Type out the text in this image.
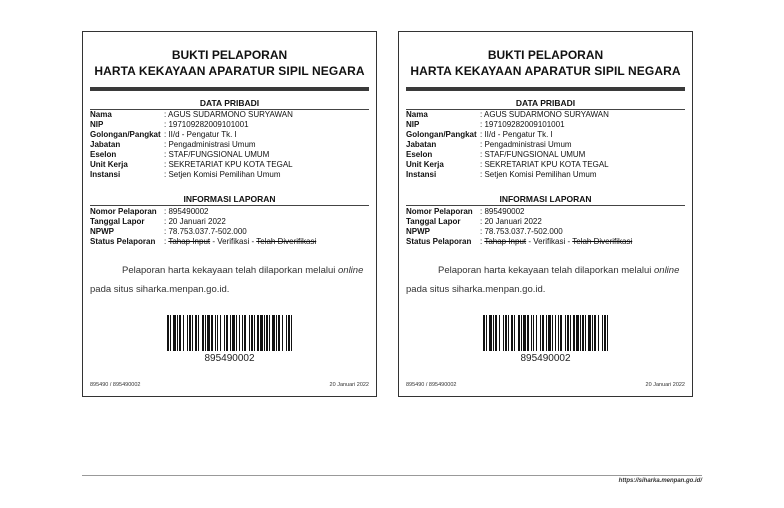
BUKTI PELAPORAN
HARTA KEKAYAAN APARATUR SIPIL NEGARA
DATA PRIBADI
Nama	: AGUS SUDARMONO SURYAWAN
NIP	: 197109282009101001
Golongan/Pangkat : II/d - Pengatur Tk. I
Jabatan	: Pengadministrasi Umum
Eselon	: STAF/FUNGSIONAL UMUM
Unit Kerja	: SEKRETARIAT KPU KOTA TEGAL
Instansi	: Setjen Komisi Pemilihan Umum
INFORMASI LAPORAN
Nomor Pelaporan : 895490002
Tanggal Lapor	: 20 Januari 2022
NPWP	: 78.753.037.7-502.000
Status Pelaporan	: Tahap Input - Verifikasi - Telah Diverifikasi
Pelaporan harta kekayaan telah dilaporkan melalui online
pada situs siharka.menpan.go.id.
895490002
895490 / 895490002	20 Januari 2022
BUKTI PELAPORAN
HARTA KEKAYAAN APARATUR SIPIL NEGARA
DATA PRIBADI
Nama	: AGUS SUDARMONO SURYAWAN
NIP	: 197109282009101001
Golongan/Pangkat : II/d - Pengatur Tk. I
Jabatan	: Pengadministrasi Umum
Eselon	: STAF/FUNGSIONAL UMUM
Unit Kerja	: SEKRETARIAT KPU KOTA TEGAL
Instansi	: Setjen Komisi Pemilihan Umum
INFORMASI LAPORAN
Nomor Pelaporan : 895490002
Tanggal Lapor	: 20 Januari 2022
NPWP	: 78.753.037.7-502.000
Status Pelaporan	: Tahap Input - Verifikasi - Telah Diverifikasi
Pelaporan harta kekayaan telah dilaporkan melalui online
pada situs siharka.menpan.go.id.
895490002
895490 / 895490002	20 Januari 2022
https://siharka.menpan.go.id/
